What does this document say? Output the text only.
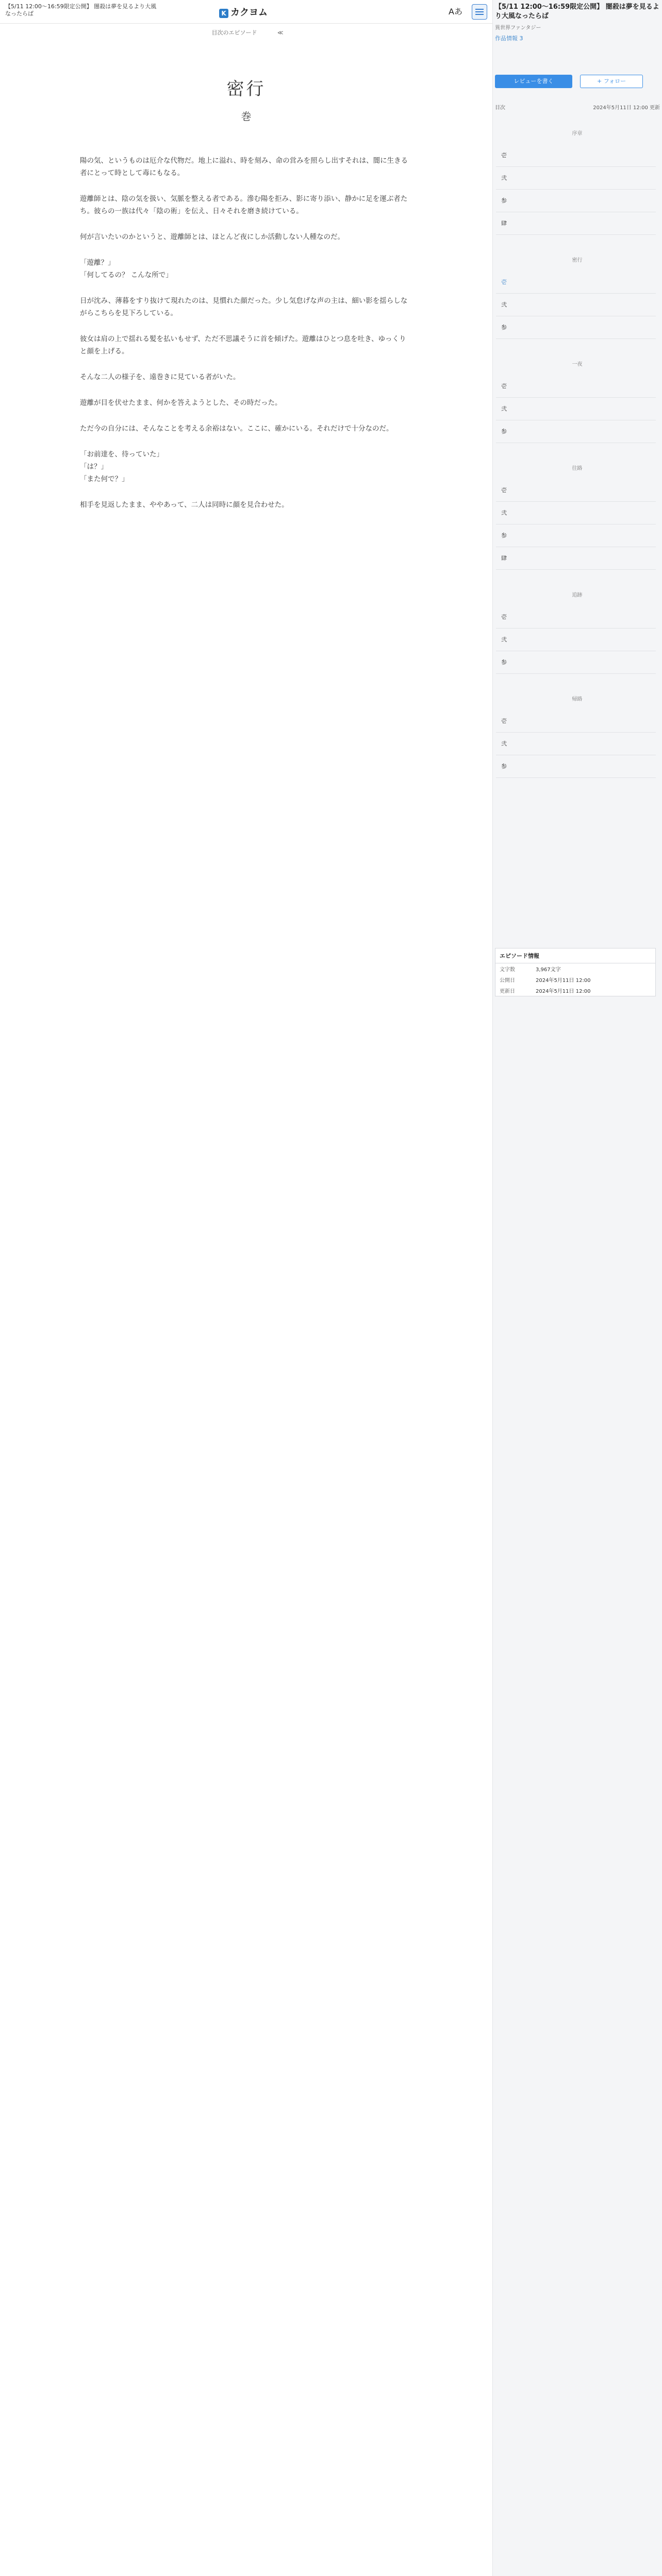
【5/11 12:00〜16:59限定公開】 闇殺は夢を見るより大風なったらば	K カクヨム	Aあ
目次のエピソード	≪
密行
巻

陽の気、というものは厄介な代物だ。地上に溢れ、時を刻み、命の営みを照らし出すそれは、闇に生きる者にとって時として毒にもなる。

遊離師とは、陰の気を扱い、気脈を整える者である。滲む陽を拒み、影に寄り添い、静かに足を運ぶ者たち。彼らの一族は代々「陰の術」を伝え、日々それを磨き続けている。

何が言いたいのかというと、遊離師とは、ほとんど夜にしか活動しない人種なのだ。

「遊離？」
「何してるの？ こんな所で」

日が沈み、薄暮をすり抜けて現れたのは、見慣れた顔だった。少し気怠げな声の主は、細い影を揺らしながらこちらを見下ろしている。

彼女は肩の上で揺れる髪を払いもせず、ただ不思議そうに首を傾げた。遊離はひとつ息を吐き、ゆっくりと顔を上げる。

そんな二人の様子を、遠巻きに見ている者がいた。

遊離が目を伏せたまま、何かを答えようとした、その時だった。

ただ今の自分には、そんなことを考える余裕はない。ここに、確かにいる。それだけで十分なのだ。

「お前達を、待っていた」
「は？」
「また何で？」

相手を見返したまま、ややあって、二人は同時に顔を見合わせた。

【5/11 12:00〜16:59限定公開】 闇殺は夢を見るより大風なったらば
異世界ファンタジー
作品情報 3
レビューを書く	+ フォロー
目次	2024年5月11日 12:00 更新
序章
壱
弐
参
肆
密行
壱
弐
参
一夜
壱
弐
参
往路
壱
弐
参
肆
追跡
壱
弐
参
帰路
壱
弐
参
エピソード情報
文字数	3,967文字
公開日	2024年5月11日 12:00
更新日	2024年5月11日 12:00
